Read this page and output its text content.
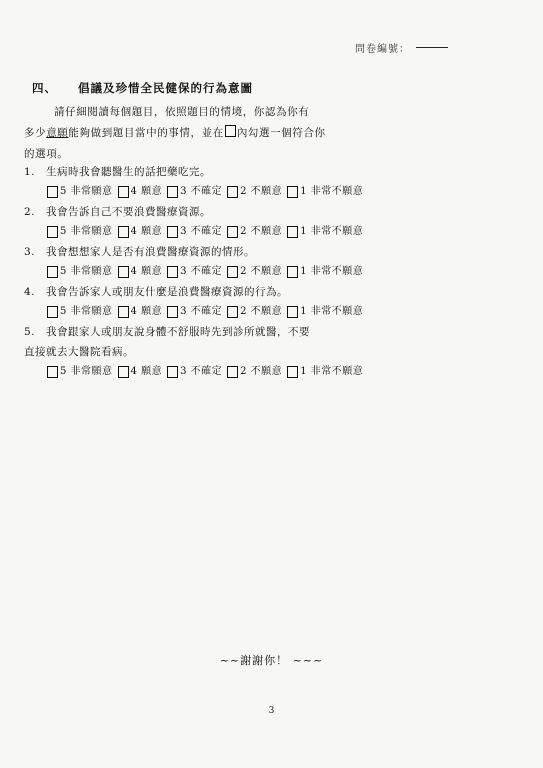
問卷編號：
四、 倡議及珍惜全民健保的行為意圖

請仔細閱讀每個題目，依照題目的情境，你認為你有

多少意願能夠做到題目當中的事情，並在 內勾選一個符合你

的選項。

1.	生病時我會聽醫生的話把藥吃完。
5 非常願意 4 願意 3 不確定 2 不願意 1 非常不願意
2.	我會告訴自己不要浪費醫療資源。
5 非常願意 4 願意 3 不確定 2 不願意 1 非常不願意
3.	我會想想家人是否有浪費醫療資源的情形。
5 非常願意 4 願意 3 不確定 2 不願意 1 非常不願意
4.	我會告訴家人或朋友什麼是浪費醫療資源的行為。
5 非常願意 4 願意 3 不確定 2 不願意 1 非常不願意
5.	我會跟家人或朋友說身體不舒服時先到診所就醫，不要
直接就去大醫院看病。
5 非常願意 4 願意 3 不確定 2 不願意 1 非常不願意
~~謝謝你！ ~~~
3
